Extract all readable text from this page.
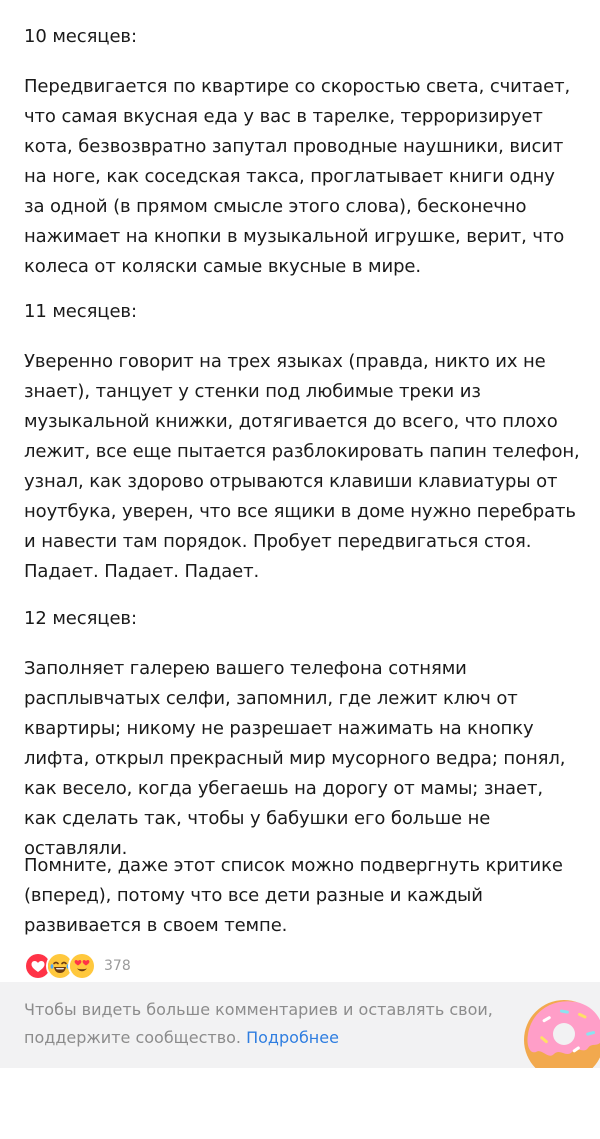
10 месяцев:

Передвигается по квартире со скоростью света, считает, что самая вкусная еда у вас в тарелке, терроризирует кота, безвозвратно запутал проводные наушники, висит на ноге, как соседская такса, проглатывает книги одну за одной (в прямом смысле этого слова), бесконечно нажимает на кнопки в музыкальной игрушке, верит, что колеса от коляски самые вкусные в мире.

11 месяцев:

Уверенно говорит на трех языках (правда, никто их не знает), танцует у стенки под любимые треки из музыкальной книжки, дотягивается до всего, что плохо лежит, все еще пытается разблокировать папин телефон, узнал, как здорово отрываются клавиши клавиатуры от ноутбука, уверен, что все ящики в доме нужно перебрать и навести там порядок. Пробует передвигаться стоя. Падает. Падает. Падает.

12 месяцев:

Заполняет галерею вашего телефона сотнями расплывчатых селфи, запомнил, где лежит ключ от квартиры; никому не разрешает нажимать на кнопку лифта, открыл прекрасный мир мусорного ведра; понял, как весело, когда убегаешь на дорогу от мамы; знает, как сделать так, чтобы у бабушки его больше не оставляли.

Помните, даже этот список можно подвергнуть критике (вперед), потому что все дети разные и каждый развивается в своем темпе.

378
Чтобы видеть больше комментариев и оставлять свои, поддержите сообщество. Подробнее
